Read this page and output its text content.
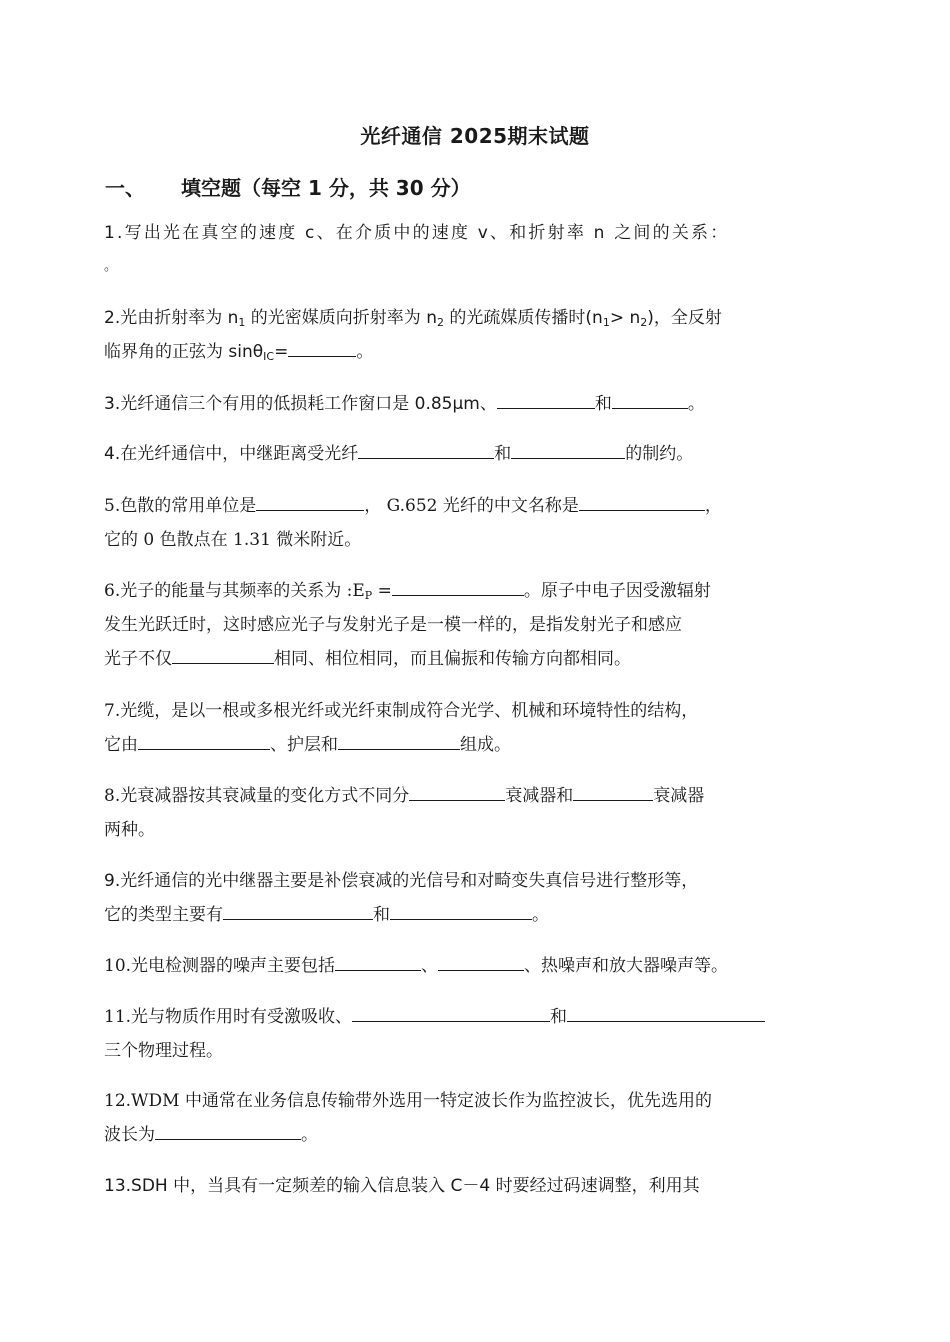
光纤通信 2025期末试题
一、 填空题（每空 1 分，共 30 分）
1.写出光在真空的速度 c、在介质中的速度 v、和折射率 n 之间的关系：
。
2.光由折射率为 $n_1$ 的光密媒质向折射率为 $n_2$ 的光疏媒质传播时$(n_1> n_2)$，全反射
临界角的正弦为 sinθ$_{IC}$=	。
3.光纤通信三个有用的低损耗工作窗口是 0.85μm、	和	。
4.在光纤通信中，中继距离受光纤	和	的制约。
5.色散的常用单位是	， G.652 光纤的中文名称是	，
它的 0 色散点在 1.31 微米附近。
6.光子的能量与其频率的关系为 $:E_P$ =	。原子中电子因受激辐射
发生光跃迁时，这时感应光子与发射光子是一模一样的，是指发射光子和感应
光子不仅	相同、相位相同，而且偏振和传输方向都相同。
7.光缆，是以一根或多根光纤或光纤束制成符合光学、机械和环境特性的结构，
它由	、护层和	组成。
8.光衰减器按其衰减量的变化方式不同分	衰减器和	衰减器
两种。
9.光纤通信的光中继器主要是补偿衰减的光信号和对畸变失真信号进行整形等，
它的类型主要有	和	。
10.光电检测器的噪声主要包括	、	、热噪声和放大器噪声等。
11.光与物质作用时有受激吸收、	和
三个物理过程。
12.WDM 中通常在业务信息传输带外选用一特定波长作为监控波长，优先选用的
波长为	。
13.SDH 中，当具有一定频差的输入信息装入 C－4 时要经过码速调整，利用其
